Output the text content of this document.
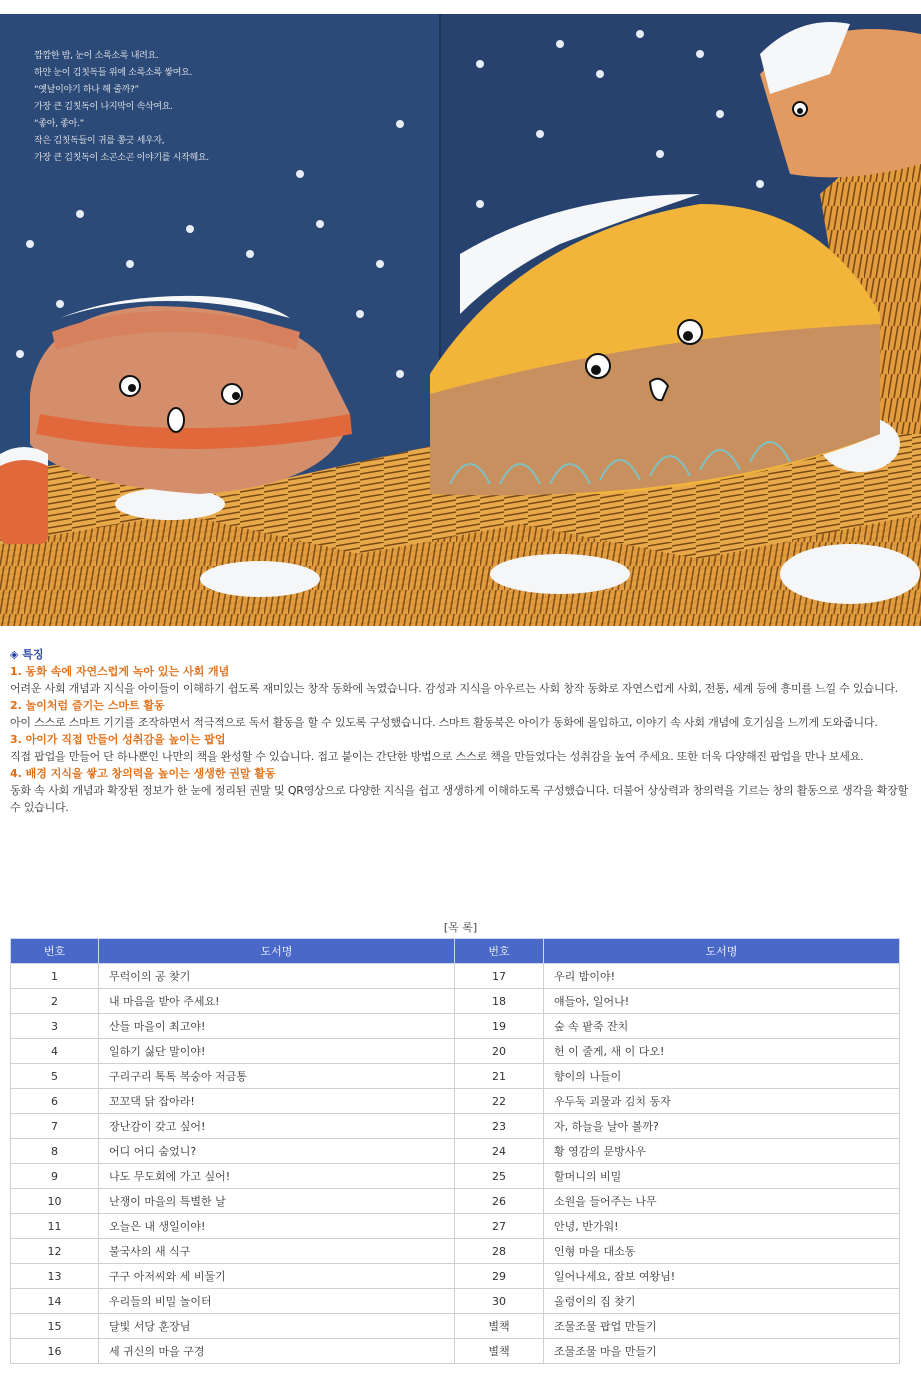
깜깜한 밤, 눈이 소록소록 내려요.
하얀 눈이 김칫독들 위에 소록소록 쌓여요.
“옛날이야기 하나 해 줄까?”
가장 큰 김칫독이 나지막이 속삭여요.
“좋아, 좋아.”
작은 김칫독들이 귀를 쫑긋 세우자,
가장 큰 김칫독이 소곤소곤 이야기를 시작해요.
◈ 특징
1. 동화 속에 자연스럽게 녹아 있는 사회 개념
어려운 사회 개념과 지식을 아이들이 이해하기 쉽도록 재미있는 창작 동화에 녹였습니다. 감성과 지식을 아우르는 사회 창작 동화로 자연스럽게 사회, 전통, 세계 등에 흥미를 느낄 수 있습니다.
2. 놀이처럼 즐기는 스마트 활동
아이 스스로 스마트 기기를 조작하면서 적극적으로 독서 활동을 할 수 있도록 구성했습니다. 스마트 활동북은 아이가 동화에 몰입하고, 이야기 속 사회 개념에 호기심을 느끼게 도와줍니다.
3. 아이가 직접 만들어 성취감을 높이는 팝업
직접 팝업을 만들어 단 하나뿐인 나만의 책을 완성할 수 있습니다. 접고 붙이는 간단한 방법으로 스스로 책을 만들었다는 성취감을 높여 주세요. 또한 더욱 다양해진 팝업을 만나 보세요.
4. 배경 지식을 쌓고 창의력을 높이는 생생한 권말 활동
동화 속 사회 개념과 확장된 정보가 한 눈에 정리된 권말 및 QR영상으로 다양한 지식을 쉽고 생생하게 이해하도록 구성했습니다. 더불어 상상력과 창의력을 기르는 창의 활동으로 생각을 확장할 수 있습니다.
[목 록]
번호	도서명	번호	도서명
1	무럭이의 공 찾기	17	우리 밤이야!
2	내 마음을 받아 주세요!	18	얘들아, 일어나!
3	산들 마을이 최고야!	19	숲 속 팥죽 잔치
4	일하기 싫단 말이야!	20	헌 이 줄게, 새 이 다오!
5	구리구리 톡톡 복숭아 저금통	21	향이의 나들이
6	꼬꼬댁 닭 잡아라!	22	우두둑 괴물과 김치 동자
7	장난감이 갖고 싶어!	23	자, 하늘을 날아 볼까?
8	어디 어디 숨었니?	24	황 영감의 문방사우
9	나도 무도회에 가고 싶어!	25	할머니의 비밀
10	난쟁이 마을의 특별한 날	26	소원을 들어주는 나무
11	오늘은 내 생일이야!	27	안녕, 반가워!
12	불국사의 새 식구	28	인형 마을 대소동
13	구구 아저씨와 세 비둘기	29	일어나세요, 잠보 여왕님!
14	우리들의 비밀 놀이터	30	올렁이의 집 찾기
15	달빛 서당 훈장님	별책	조물조물 팝업 만들기
16	세 귀신의 마을 구경	별책	조물조물 마을 만들기
